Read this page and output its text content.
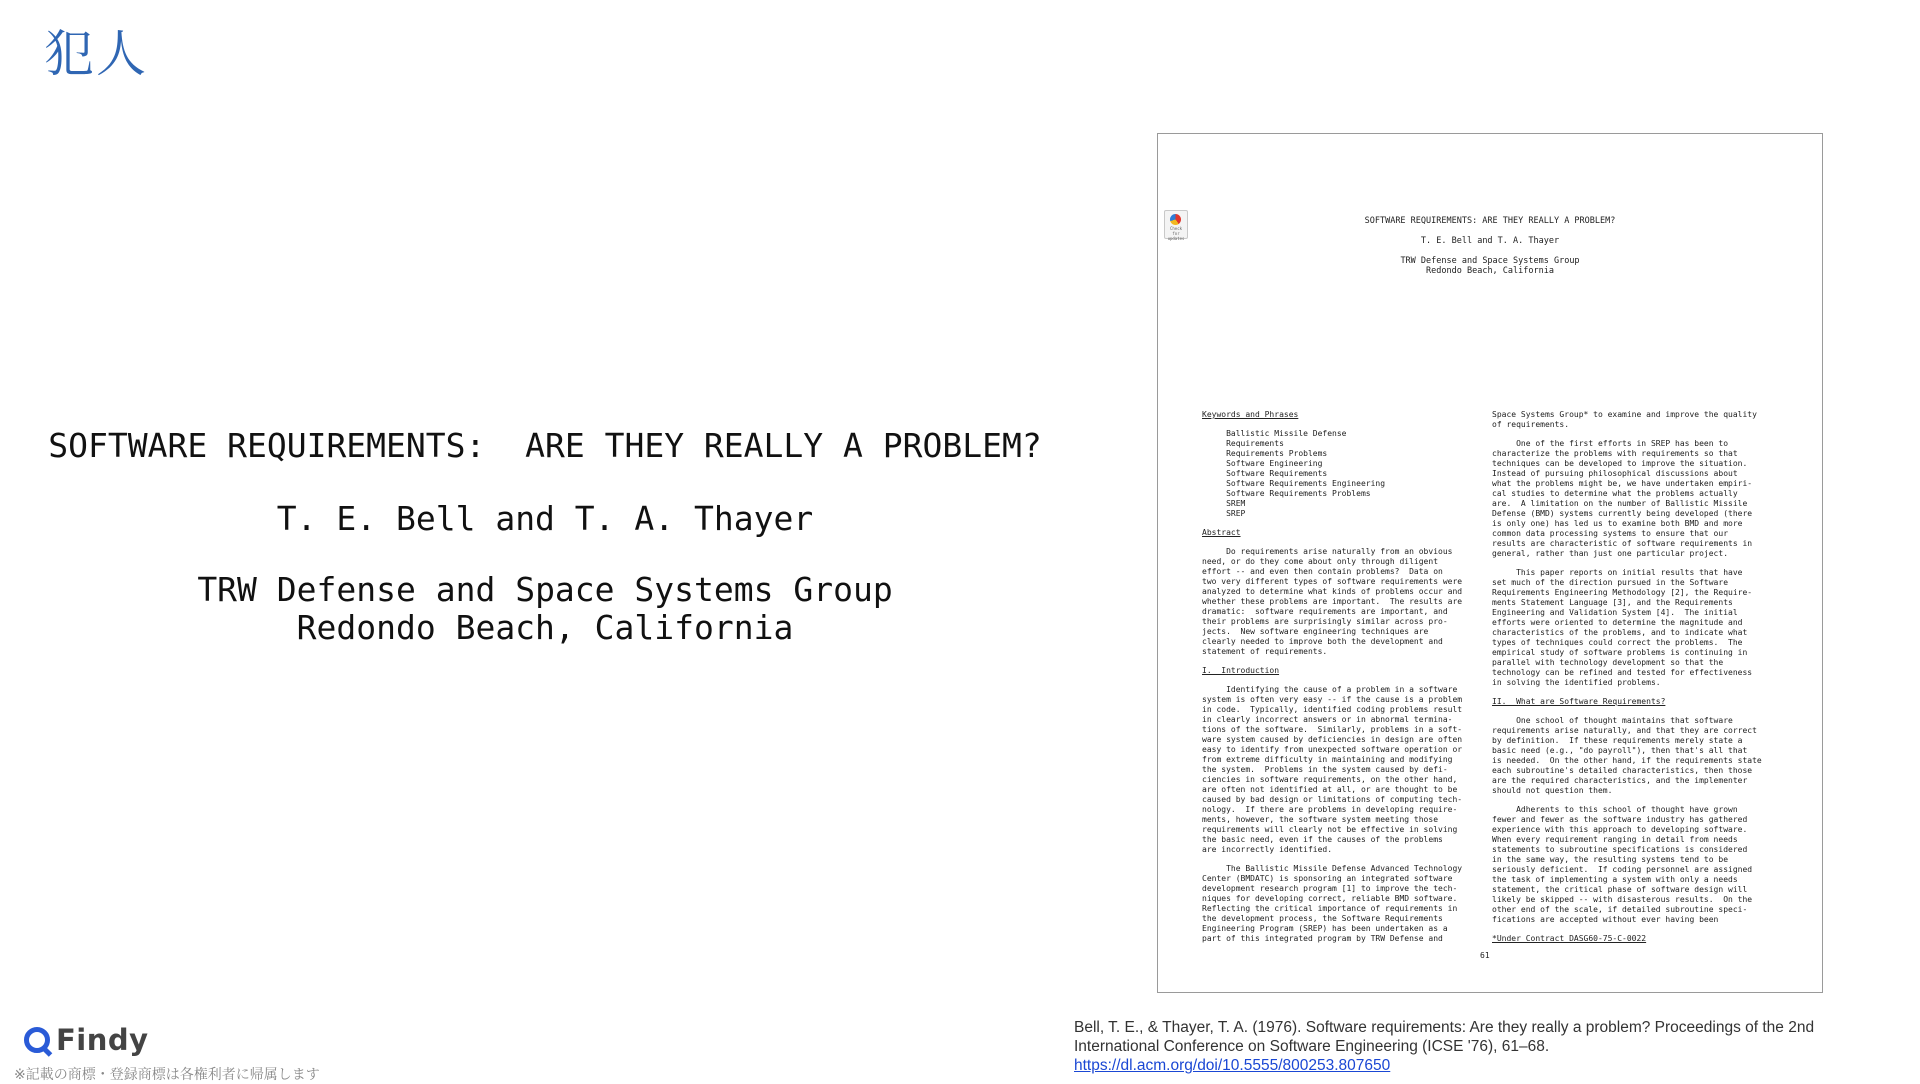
犯人
SOFTWARE REQUIREMENTS:  ARE THEY REALLY A PROBLEM?
T. E. Bell and T. A. Thayer
TRW Defense and Space Systems Group
Redondo Beach, California
Check for updates
SOFTWARE REQUIREMENTS: ARE THEY REALLY A PROBLEM?
T. E. Bell and T. A. Thayer
TRW Defense and Space Systems Group
Redondo Beach, California
Keywords and Phrases
Ballistic Missile Defense
Requirements
Requirements Problems
Software Engineering
Software Requirements
Software Requirements Engineering
Software Requirements Problems
SREM
SREP
Abstract
Do requirements arise naturally from an obvious
need, or do they come about only through diligent
effort -- and even then contain problems?  Data on
two very different types of software requirements were
analyzed to determine what kinds of problems occur and
whether these problems are important.  The results are
dramatic:  software requirements are important, and
their problems are surprisingly similar across pro-
jects.  New software engineering techniques are
clearly needed to improve both the development and
statement of requirements.
I.  Introduction
Identifying the cause of a problem in a software
system is often very easy -- if the cause is a problem
in code.  Typically, identified coding problems result
in clearly incorrect answers or in abnormal termina-
tions of the software.  Similarly, problems in a soft-
ware system caused by deficiencies in design are often
easy to identify from unexpected software operation or
from extreme difficulty in maintaining and modifying
the system.  Problems in the system caused by defi-
ciencies in software requirements, on the other hand,
are often not identified at all, or are thought to be
caused by bad design or limitations of computing tech-
nology.  If there are problems in developing require-
ments, however, the software system meeting those
requirements will clearly not be effective in solving
the basic need, even if the causes of the problems
are incorrectly identified.
The Ballistic Missile Defense Advanced Technology
Center (BMDATC) is sponsoring an integrated software
development research program [1] to improve the tech-
niques for developing correct, reliable BMD software.
Reflecting the critical importance of requirements in
the development process, the Software Requirements
Engineering Program (SREP) has been undertaken as a
part of this integrated program by TRW Defense and
Space Systems Group* to examine and improve the quality
of requirements.
One of the first efforts in SREP has been to
characterize the problems with requirements so that
techniques can be developed to improve the situation.
Instead of pursuing philosophical discussions about
what the problems might be, we have undertaken empiri-
cal studies to determine what the problems actually
are.  A limitation on the number of Ballistic Missile
Defense (BMD) systems currently being developed (there
is only one) has led us to examine both BMD and more
common data processing systems to ensure that our
results are characteristic of software requirements in
general, rather than just one particular project.
This paper reports on initial results that have
set much of the direction pursued in the Software
Requirements Engineering Methodology [2], the Require-
ments Statement Language [3], and the Requirements
Engineering and Validation System [4].  The initial
efforts were oriented to determine the magnitude and
characteristics of the problems, and to indicate what
types of techniques could correct the problems.  The
empirical study of software problems is continuing in
parallel with technology development so that the
technology can be refined and tested for effectiveness
in solving the identified problems.
II.  What are Software Requirements?
One school of thought maintains that software
requirements arise naturally, and that they are correct
by definition.  If these requirements merely state a
basic need (e.g., "do payroll"), then that's all that
is needed.  On the other hand, if the requirements state
each subroutine's detailed characteristics, then those
are the required characteristics, and the implementer
should not question them.
Adherents to this school of thought have grown
fewer and fewer as the software industry has gathered
experience with this approach to developing software.
When every requirement ranging in detail from needs
statements to subroutine specifications is considered
in the same way, the resulting systems tend to be
seriously deficient.  If coding personnel are assigned
the task of implementing a system with only a needs
statement, the critical phase of software design will
likely be skipped -- with disasterous results.  On the
other end of the scale, if detailed subroutine speci-
fications are accepted without ever having been
*Under Contract DASG60-75-C-0022
61
Bell, T. E., & Thayer, T. A. (1976). Software requirements: Are they really a problem? Proceedings of the 2nd International Conference on Software Engineering (ICSE '76), 61–68.
https://dl.acm.org/doi/10.5555/800253.807650
Findy
※記載の商標・登録商標は各権利者に帰属します
